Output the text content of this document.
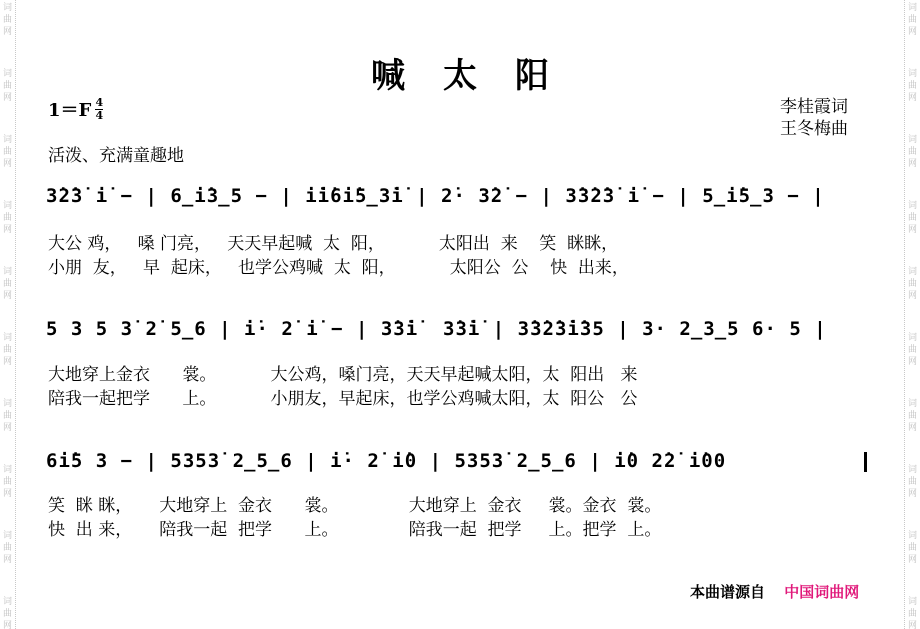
词
曲
网
词
曲
网
词
曲
网
词
曲
网
词
曲
网
词
曲
网
词
曲
网
词
曲
网
词
曲
网
词
曲
网
词
曲
网
词
曲
网
词
曲
网
词
曲
网
词
曲
网
词
曲
网
词
曲
网
词
曲
网
词
曲
网
词
曲
网
喊太阳
$1=F \frac{4}{4}$	李桂霞词
王冬梅曲
活泼、充满童趣地
3̇2̇3̇ i̇ − | 6̲i̇3̲5 − | i̇i̇6i̇5̲3̇i̇ | 2̇· 3̇2̇ − | 3̇3̇2̇3̇ i̇ − | 5̲i̇5̲3 − |
大公 鸡，   嗓 门亮，   天天早起喊  太  阳，          太阳出  来    笑  眯眯，
小朋  友，   早  起床，   也学公鸡喊  太  阳，          太阳公  公    快  出来，
5 3 5 3̇ 2̇ 5̲6 | i̇· 2̇ i̇ − | 3̇3̇i̇  3̇3̇i̇ | 3̇3̇2̇3̇i̇35 | 3· 2̲3̲5 6· 5 |
大地穿上金衣      裳。          大公鸡，嗓门亮，天天早起喊太阳，太  阳出   来
陪我一起把学      上。          小朋友，早起床，也学公鸡喊太阳，太  阳公   公
6i̇5 3 − | 5353̇ 2̲5̲6 | i̇· 2̇ i̇0 | 5353̇ 2̲5̲6 | i̇0 2̇2̇ i̇00
笑  眯 眯，     大地穿上  金衣      裳。             大地穿上  金衣     裳。金衣  裳。
快  出 来，     陪我一起  把学      上。             陪我一起  把学     上。把学  上。
本曲谱源自 中国词曲网
